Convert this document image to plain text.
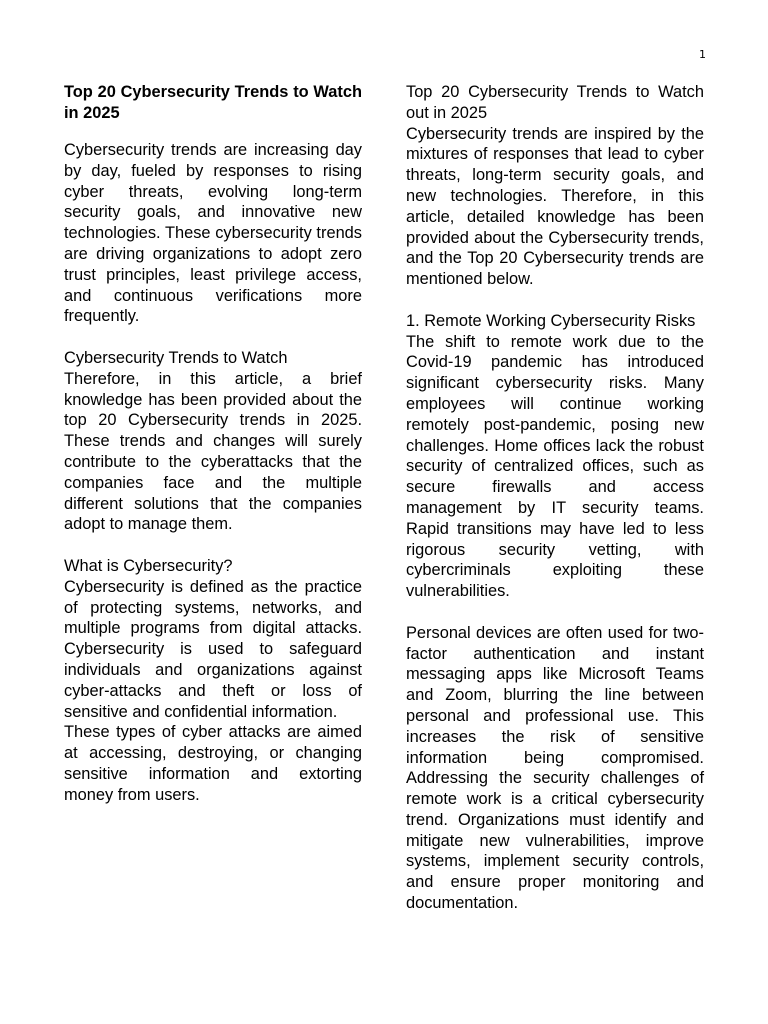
1
Top 20 Cybersecurity Trends to Watch in 2025

Cybersecurity trends are increasing day by day, fueled by responses to rising cyber threats, evolving long-term security goals, and innovative new technologies. These cybersecurity trends are driving organizations to adopt zero trust principles, least privilege access, and continuous verifications more frequently.

Cybersecurity Trends to Watch

Therefore, in this article, a brief knowledge has been provided about the top 20 Cybersecurity trends in 2025. These trends and changes will surely contribute to the cyberattacks that the companies face and the multiple different solutions that the companies adopt to manage them.

What is Cybersecurity?

Cybersecurity is defined as the practice of protecting systems, networks, and multiple programs from digital attacks. Cybersecurity is used to safeguard individuals and organizations against cyber-attacks and theft or loss of sensitive and confidential information.

These types of cyber attacks are aimed at accessing, destroying, or changing sensitive information and extorting money from users.

Top 20 Cybersecurity Trends to Watch out in 2025

Cybersecurity trends are inspired by the mixtures of responses that lead to cyber threats, long-term security goals, and new technologies. Therefore, in this article, detailed knowledge has been provided about the Cybersecurity trends, and the Top 20 Cybersecurity trends are mentioned below.

1. Remote Working Cybersecurity Risks

The shift to remote work due to the Covid-19 pandemic has introduced significant cybersecurity risks. Many employees will continue working remotely post-pandemic, posing new challenges. Home offices lack the robust security of centralized offices, such as secure firewalls and access management by IT security teams. Rapid transitions may have led to less rigorous security vetting, with cybercriminals exploiting these vulnerabilities.

Personal devices are often used for two-factor authentication and instant messaging apps like Microsoft Teams and Zoom, blurring the line between personal and professional use. This increases the risk of sensitive information being compromised. Addressing the security challenges of remote work is a critical cybersecurity trend. Organizations must identify and mitigate new vulnerabilities, improve systems, implement security controls, and ensure proper monitoring and documentation.
